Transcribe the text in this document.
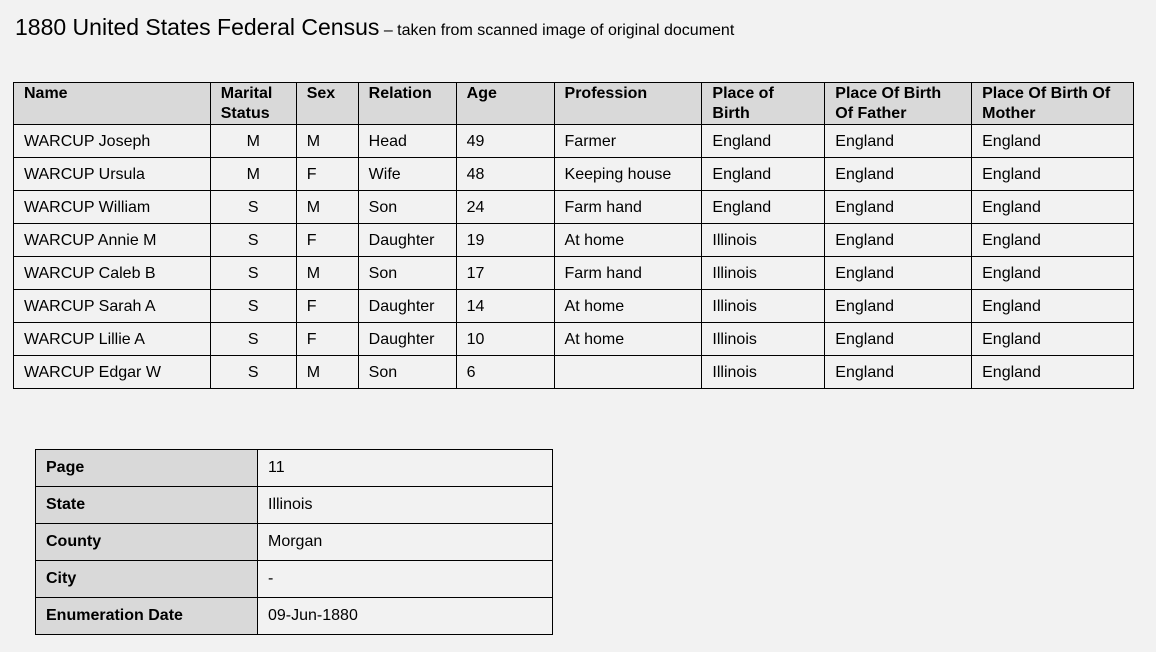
1880 United States Federal Census – taken from scanned image of original document
Name	Marital Status	Sex	Relation	Age	Profession	Place of Birth	Place Of Birth Of Father	Place Of Birth Of Mother
WARCUP Joseph	M	M	Head	49	Farmer	England	England	England
WARCUP Ursula	M	F	Wife	48	Keeping house	England	England	England
WARCUP William	S	M	Son	24	Farm hand	England	England	England
WARCUP Annie M	S	F	Daughter	19	At home	Illinois	England	England
WARCUP Caleb B	S	M	Son	17	Farm hand	Illinois	England	England
WARCUP Sarah A	S	F	Daughter	14	At home	Illinois	England	England
WARCUP Lillie A	S	F	Daughter	10	At home	Illinois	England	England
WARCUP Edgar W	S	M	Son	6		Illinois	England	England
Page	11
State	Illinois
County	Morgan
City	-
Enumeration Date	09-Jun-1880
